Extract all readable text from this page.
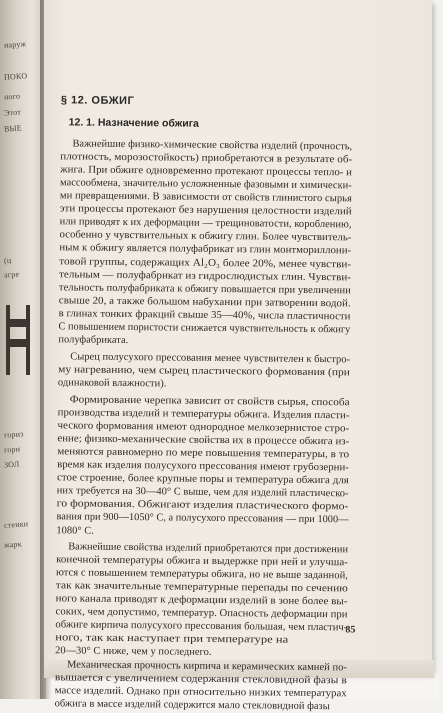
наруж
ПОКО
ного
Этот
ВЫЕ
(ц
агре
гориз
горн
ЗОЛ
стенки
жарк
§ 12. ОБЖИГ
12. 1. Назначение обжига
Важнейшие физико-химические свойства изделий (прочность,
плотность, морозостойкость) приобретаются в результате об-
жига. При обжиге одновременно протекают процессы тепло- и
массообмена, значительно усложненные фазовыми и химически-
ми превращениями. В зависимости от свойств глинистого сырья
эти процессы протекают без нарушения целостности изделий
или приводят к их деформации — трещиноватости, короблению,
особенно у чувствительных к обжигу глин. Более чувствитель-
ным к обжигу является полуфабрикат из глин монтмориллони-
товой группы, содержащих Al₂O₃ более 20%, менее чувстви-
тельным — полуфабрикат из гидрослюдистых глин. Чувстви-
тельность полуфабриката к обжигу повышается при увеличении
свыше 20, а также большом набухании при затворении водой.
в глинах тонких фракций свыше 35—40%, числа пластичности
С повышением пористости снижается чувствительность к обжигу
полуфабриката.
Сырец полусухого прессования менее чувствителен к быстро-
му нагреванию, чем сырец пластического формования (при
одинаковой влажности).
Формирование черепка зависит от свойств сырья, способа
производства изделий и температуры обжига. Изделия пласти-
ческого формования имеют однородное мелкозернистое стро-
ение; физико-механические свойства их в процессе обжига из-
меняются равномерно по мере повышения температуры, в то
время как изделия полусухого прессования имеют грубозерни-
стое строение, более крупные поры и температура обжига для
них требуется на 30—40° С выше, чем для изделий пластическо-
го формования. Обжигают изделия пластического формо-
вания при 900—1050° С, а полусухого прессования — при 1000—
1080° С.
Важнейшие свойства изделий приобретаются при достижении
конечной температуры обжига и выдержке при ней и улучша-
ются с повышением температуры обжига, но не выше заданной,
так как значительные температурные перепады по сечению
ного канала приводят к деформации изделий в зоне более вы-
соких, чем допустимо, температур. Опасность деформации при
обжиге кирпича полусухого прессования большая, чем пластич-
ного, так как наступает при температуре на
20—30° С ниже, чем у последнего.
Механическая прочность кирпича и керамических камней по-
вышается с увеличением содержания стекловидной фазы в
массе изделий. Однако при относительно низких температурах
обжига в массе изделий содержится мало стекловидной фазы
85
